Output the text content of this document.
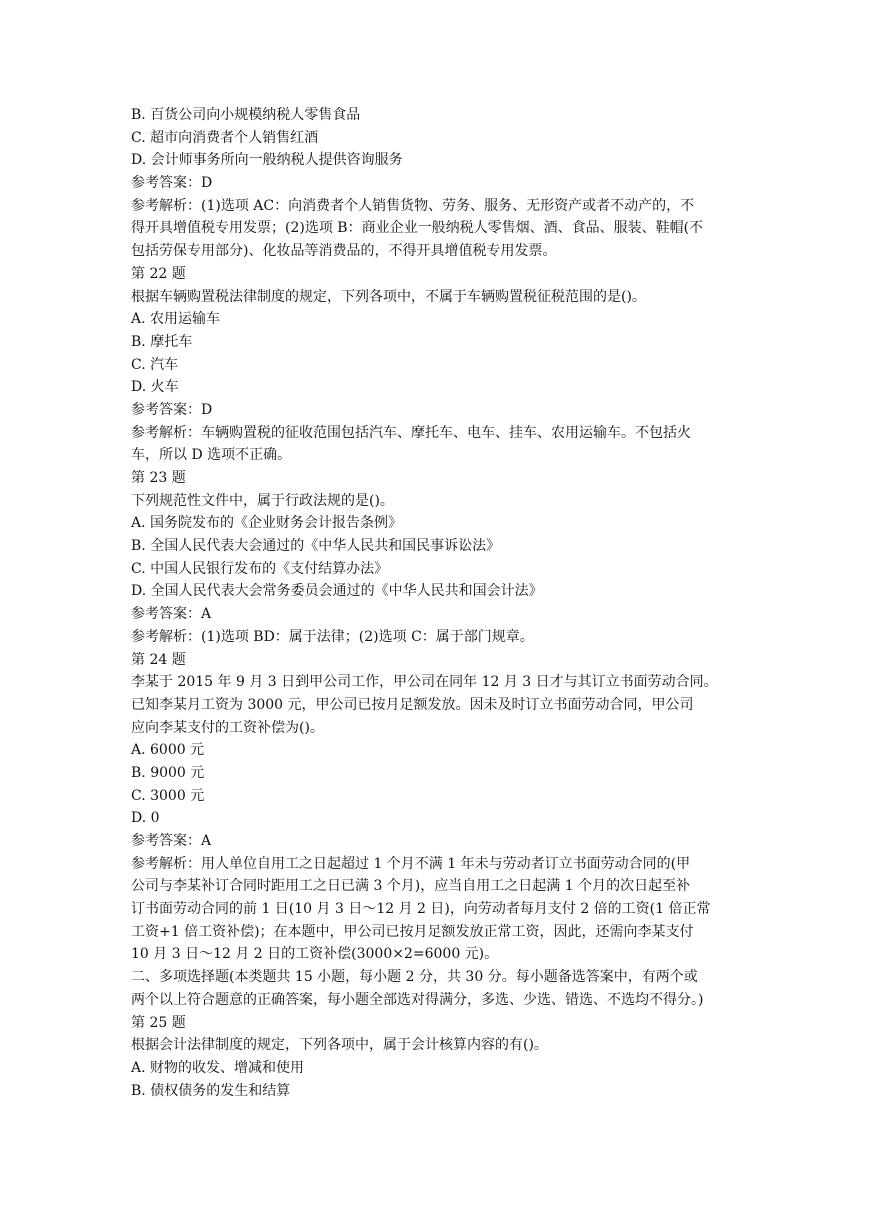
B. 百货公司向小规模纳税人零售食品
C. 超市向消费者个人销售红酒
D. 会计师事务所向一般纳税人提供咨询服务
参考答案：D
参考解析：(1)选项 AC：向消费者个人销售货物、劳务、服务、无形资产或者不动产的，不
得开具增值税专用发票；(2)选项 B：商业企业一般纳税人零售烟、酒、食品、服装、鞋帽(不
包括劳保专用部分)、化妆品等消费品的，不得开具增值税专用发票。
第 22 题
根据车辆购置税法律制度的规定，下列各项中，不属于车辆购置税征税范围的是()。
A. 农用运输车
B. 摩托车
C. 汽车
D. 火车
参考答案：D
参考解析：车辆购置税的征收范围包括汽车、摩托车、电车、挂车、农用运输车。不包括火
车，所以 D 选项不正确。
第 23 题
下列规范性文件中，属于行政法规的是()。
A. 国务院发布的《企业财务会计报告条例》
B. 全国人民代表大会通过的《中华人民共和国民事诉讼法》
C. 中国人民银行发布的《支付结算办法》
D. 全国人民代表大会常务委员会通过的《中华人民共和国会计法》
参考答案：A
参考解析：(1)选项 BD：属于法律；(2)选项 C：属于部门规章。
第 24 题
李某于 2015 年 9 月 3 日到甲公司工作，甲公司在同年 12 月 3 日才与其订立书面劳动合同。
已知李某月工资为 3000 元，甲公司已按月足额发放。因未及时订立书面劳动合同，甲公司
应向李某支付的工资补偿为()。
A. 6000 元
B. 9000 元
C. 3000 元
D. 0
参考答案：A
参考解析：用人单位自用工之日起超过 1 个月不满 1 年未与劳动者订立书面劳动合同的(甲
公司与李某补订合同时距用工之日已满 3 个月)，应当自用工之日起满 1 个月的次日起至补
订书面劳动合同的前 1 日(10 月 3 日～12 月 2 日)，向劳动者每月支付 2 倍的工资(1 倍正常
工资+1 倍工资补偿)；在本题中，甲公司已按月足额发放正常工资，因此，还需向李某支付
10 月 3 日～12 月 2 日的工资补偿(3000×2=6000 元)。
二、多项选择题(本类题共 15 小题，每小题 2 分，共 30 分。每小题备选答案中，有两个或
两个以上符合题意的正确答案，每小题全部选对得满分，多选、少选、错选、不选均不得分。)
第 25 题
根据会计法律制度的规定，下列各项中，属于会计核算内容的有()。
A. 财物的收发、增减和使用
B. 债权债务的发生和结算
